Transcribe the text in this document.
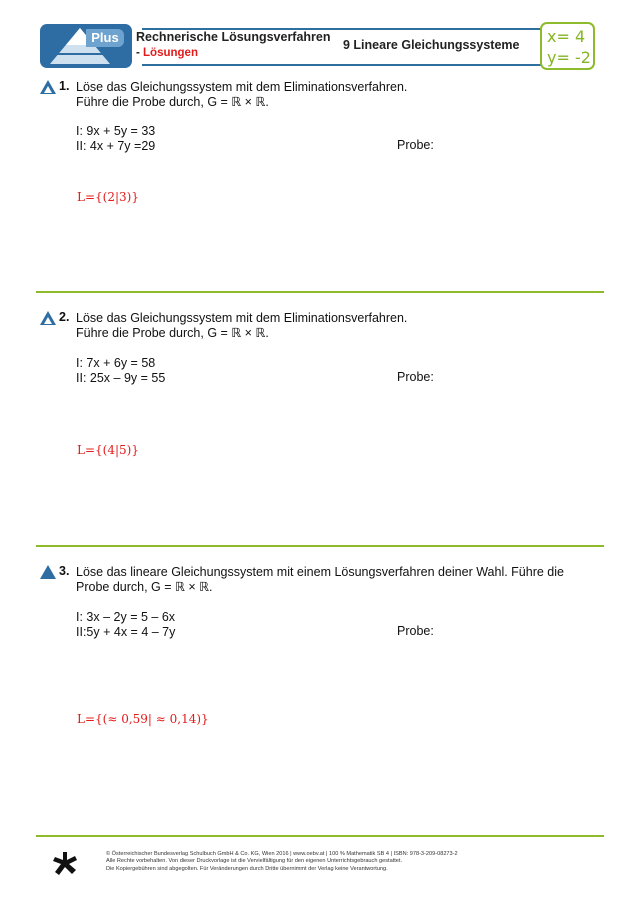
Plus	Rechnerische Lösungsverfahren
- Lösungen
9 Lineare Gleichungssysteme x= 4
y= -2
1. Löse das Gleichungssystem mit dem Eliminationsverfahren.
Führe die Probe durch, G = ℝ × ℝ.
I: 9x + 5y = 33
II: 4x + 7y =29	Probe:
L={(2|3)}
2. Löse das Gleichungssystem mit dem Eliminationsverfahren.
Führe die Probe durch, G = ℝ × ℝ.
I: 7x + 6y = 58
II: 25x – 9y = 55	Probe:
L={(4|5)}
3. Löse das lineare Gleichungssystem mit einem Lösungsverfahren deiner Wahl. Führe die
Probe durch, G = ℝ × ℝ.
I: 3x – 2y = 5 – 6x
II:5y + 4x = 4 – 7y	Probe:
L={(≈ 0,59| ≈ 0,14)}
© Österreichischer Bundesverlag Schulbuch GmbH & Co. KG, Wien 2016 | www.oebv.at | 100 % Mathematik SB 4 | ISBN: 978-3-209-08273-2
Alle Rechte vorbehalten. Von dieser Druckvorlage ist die Vervielfältigung für den eigenen Unterrichtsgebrauch gestattet.
Die Kopiergebühren sind abgegolten. Für Veränderungen durch Dritte übernimmt der Verlag keine Verantwortung.
